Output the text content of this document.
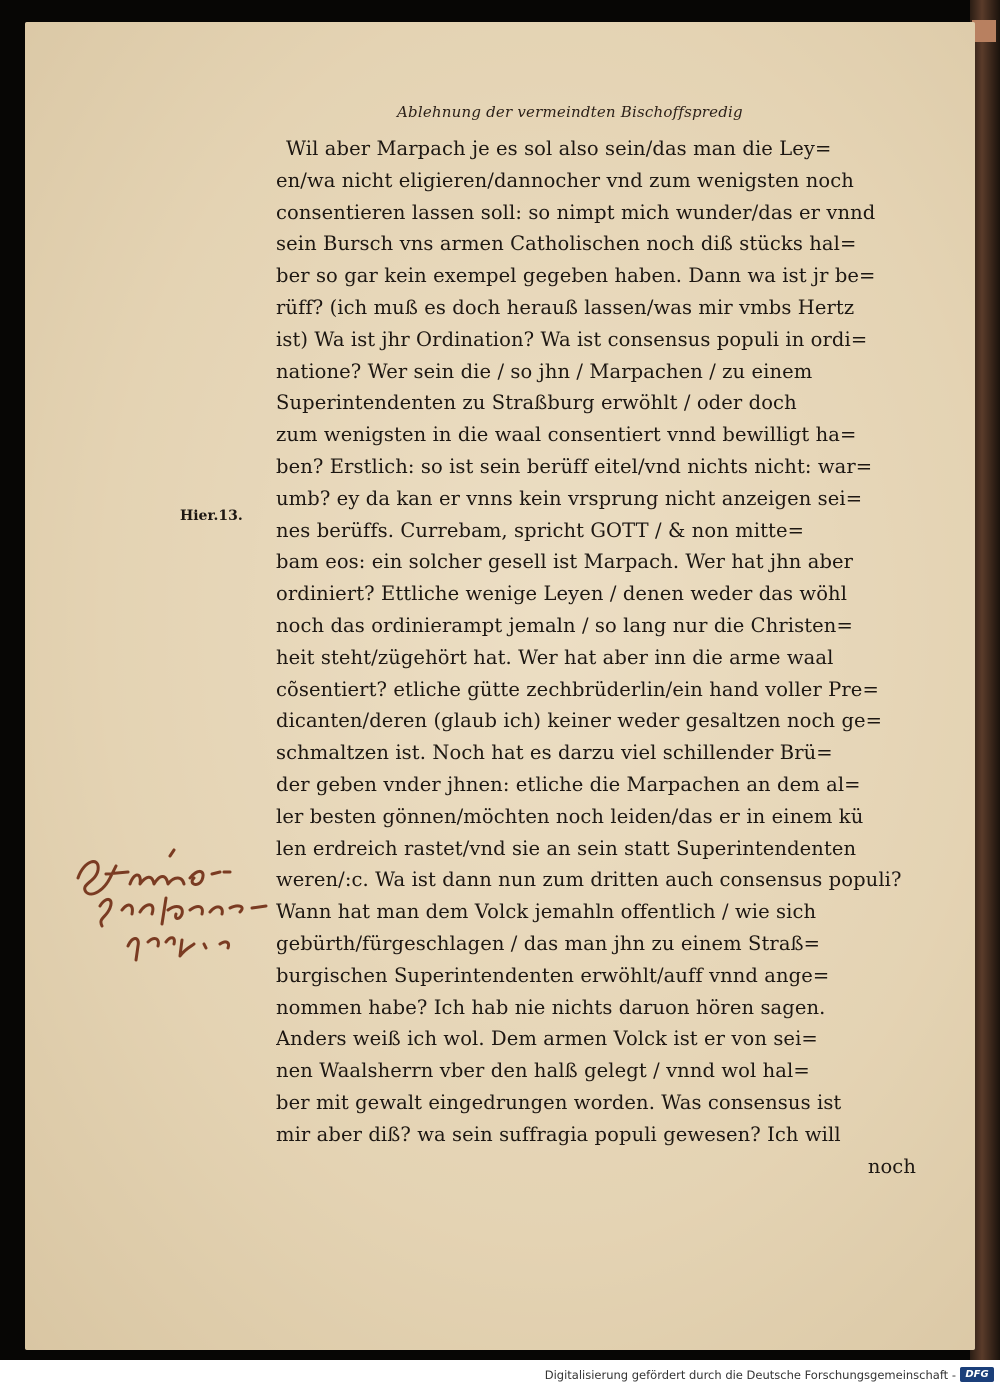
Ablehnung der vermeindten Bischoffspredig
Hier.13.
Wil aber Marpach je es sol also sein/das man die Ley=
en/wa nicht eligieren/dannocher vnd zum wenigsten noch
consentieren lassen soll: so nimpt mich wunder/das er vnnd
sein Bursch vns armen Catholischen noch diß stücks hal=
ber so gar kein exempel gegeben haben. Dann wa ist jr be=
rüff? (ich muß es doch herauß lassen/was mir vmbs Hertz
ist) Wa ist jhr Ordination? Wa ist consensus populi in ordi=
natione? Wer sein die / so jhn / Marpachen / zu einem
Superintendenten zu Straßburg erwöhlt / oder doch
zum wenigsten in die waal consentiert vnnd bewilligt ha=
ben? Erstlich: so ist sein berüff eitel/vnd nichts nicht: war=
umb? ey da kan er vnns kein vrsprung nicht anzeigen sei=
nes berüffs. Currebam, spricht GOTT / & non mitte=
bam eos: ein solcher gesell ist Marpach. Wer hat jhn aber
ordiniert? Ettliche wenige Leyen / denen weder das wöhl
noch das ordinierampt jemaln / so lang nur die Christen=
heit steht/zügehört hat. Wer hat aber inn die arme waal
cõsentiert? etliche gütte zechbrüderlin/ein hand voller Pre=
dicanten/deren (glaub ich) keiner weder gesaltzen noch ge=
schmaltzen ist. Noch hat es darzu viel schillender Brü=
der geben vnder jhnen: etliche die Marpachen an dem al=
ler besten gönnen/möchten noch leiden/das er in einem kü
len erdreich rastet/vnd sie an sein statt Superintendenten
weren/:c. Wa ist dann nun zum dritten auch consensus populi?
Wann hat man dem Volck jemahln offentlich / wie sich
gebürth/fürgeschlagen / das man jhn zu einem Straß=
burgischen Superintendenten erwöhlt/auff vnnd ange=
nommen habe? Ich hab nie nichts daruon hören sagen.
Anders weiß ich wol. Dem armen Volck ist er von sei=
nen Waalsherrn vber den halß gelegt / vnnd wol hal=
ber mit gewalt eingedrungen worden. Was consensus ist
mir aber diß? wa sein suffragia populi gewesen? Ich will
noch
Digitalisierung gefördert durch die Deutsche Forschungsgemeinschaft - DFG
